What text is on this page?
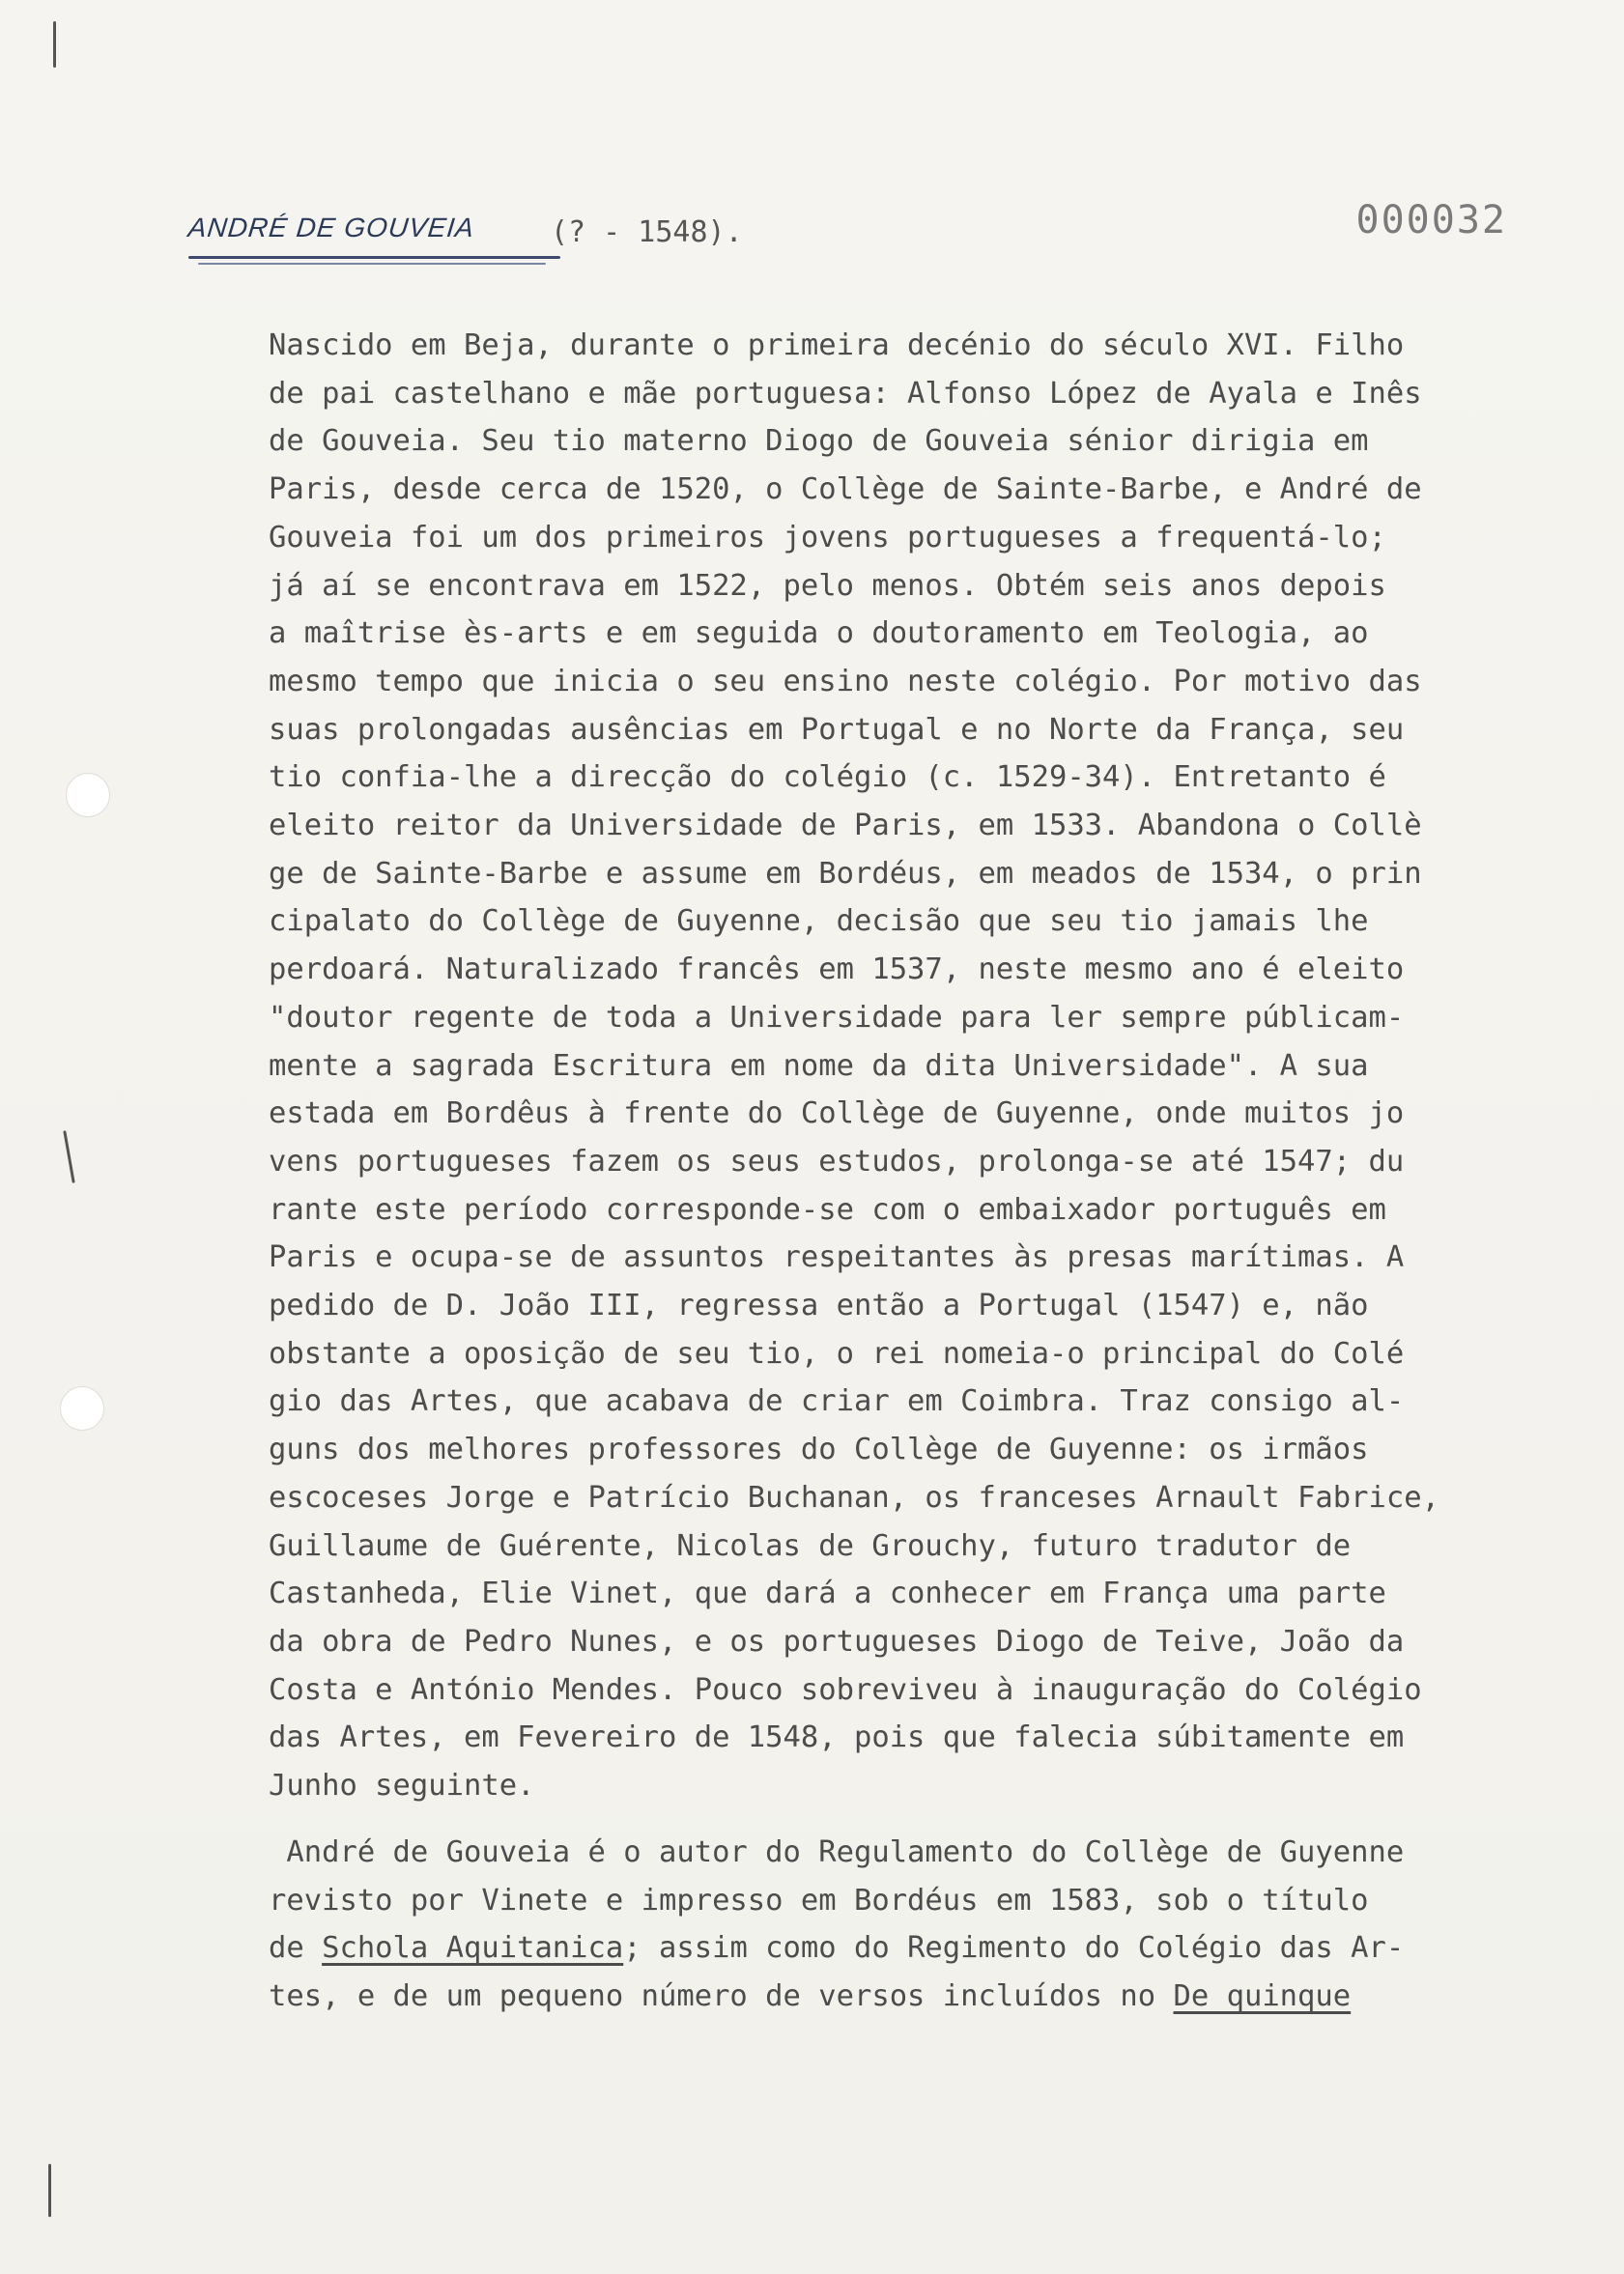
ANDRÉ DE GOUVEIA	(? - 1548).	000032
Nascido em Beja, durante o primeira decénio do século XVI. Filho
de pai castelhano e mãe portuguesa: Alfonso López de Ayala e Inês
de Gouveia. Seu tio materno Diogo de Gouveia sénior dirigia em
Paris, desde cerca de 1520, o Collège de Sainte-Barbe, e André de
Gouveia foi um dos primeiros jovens portugueses a frequentá-lo;
já aí se encontrava em 1522, pelo menos. Obtém seis anos depois
a maîtrise ès-arts e em seguida o doutoramento em Teologia, ao
mesmo tempo que inicia o seu ensino neste colégio. Por motivo das
suas prolongadas ausências em Portugal e no Norte da França, seu
tio confia-lhe a direcção do colégio (c. 1529-34). Entretanto é
eleito reitor da Universidade de Paris, em 1533. Abandona o Collè
ge de Sainte-Barbe e assume em Bordéus, em meados de 1534, o prin
cipalato do Collège de Guyenne, decisão que seu tio jamais lhe
perdoará. Naturalizado francês em 1537, neste mesmo ano é eleito
"doutor regente de toda a Universidade para ler sempre públicam-
mente a sagrada Escritura em nome da dita Universidade". A sua
estada em Bordêus à frente do Collège de Guyenne, onde muitos jo
vens portugueses fazem os seus estudos, prolonga-se até 1547; du
rante este período corresponde-se com o embaixador português em
Paris e ocupa-se de assuntos respeitantes às presas marítimas. A
pedido de D. João III, regressa então a Portugal (1547) e, não
obstante a oposição de seu tio, o rei nomeia-o principal do Colé
gio das Artes, que acabava de criar em Coimbra. Traz consigo al-
guns dos melhores professores do Collège de Guyenne: os irmãos
escoceses Jorge e Patrício Buchanan, os franceses Arnault Fabrice,
Guillaume de Guérente, Nicolas de Grouchy, futuro tradutor de
Castanheda, Elie Vinet, que dará a conhecer em França uma parte
da obra de Pedro Nunes, e os portugueses Diogo de Teive, João da
Costa e António Mendes. Pouco sobreviveu à inauguração do Colégio
das Artes, em Fevereiro de 1548, pois que falecia súbitamente em
Junho seguinte.
André de Gouveia é o autor do Regulamento do Collège de Guyenne
revisto por Vinete e impresso em Bordéus em 1583, sob o título
de Schola Aquitanica; assim como do Regimento do Colégio das Ar-
tes, e de um pequeno número de versos incluídos no De quinque
